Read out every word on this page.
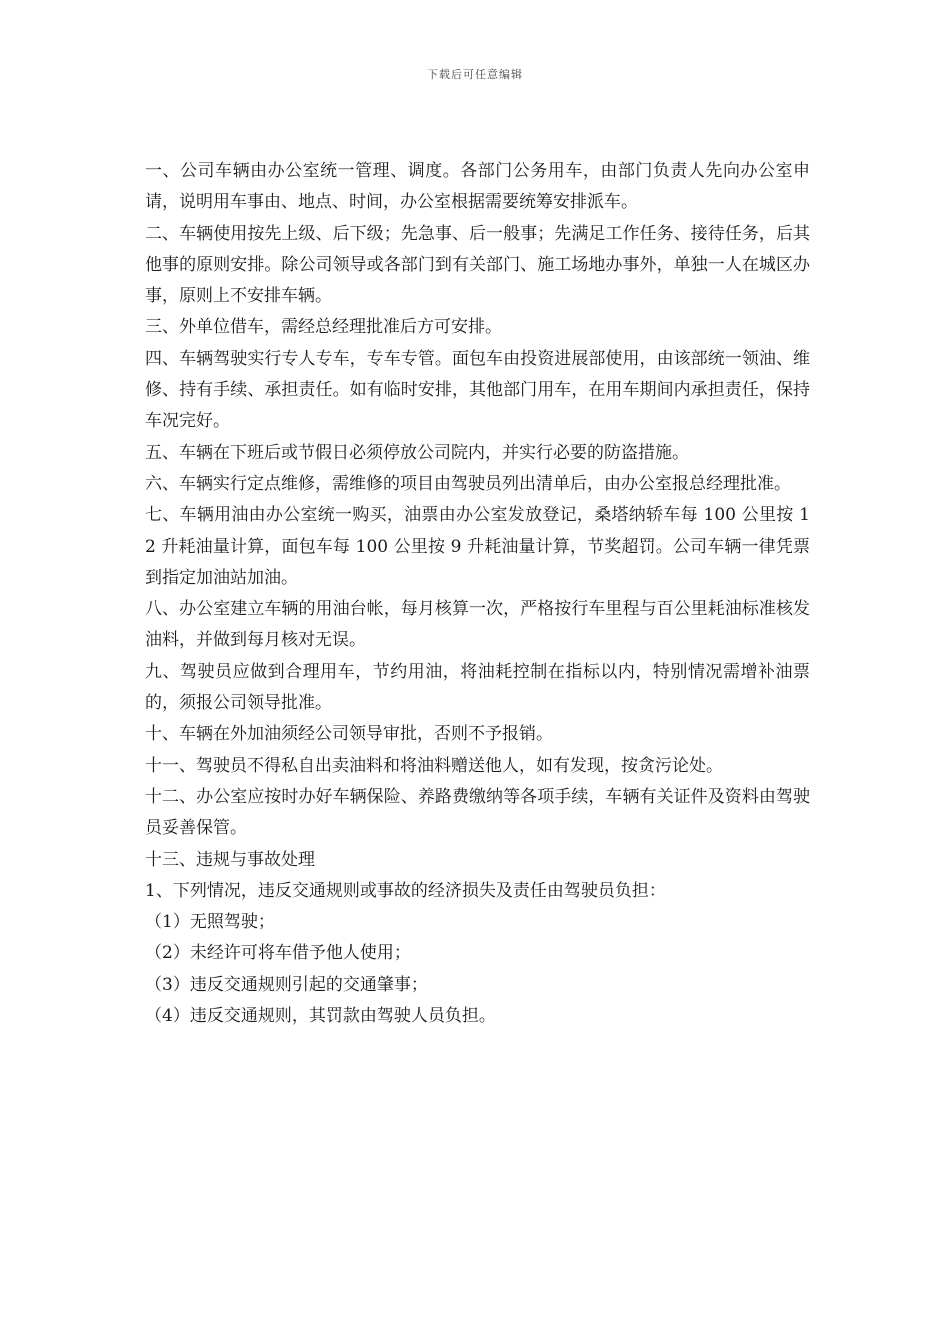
下载后可任意编辑

一、公司车辆由办公室统一管理、调度。各部门公务用车，由部门负责人先向办公室申请，说明用车事由、地点、时间，办公室根据需要统筹安排派车。

二、车辆使用按先上级、后下级；先急事、后一般事；先满足工作任务、接待任务，后其他事的原则安排。除公司领导或各部门到有关部门、施工场地办事外，单独一人在城区办事，原则上不安排车辆。

三、外单位借车，需经总经理批准后方可安排。

四、车辆驾驶实行专人专车，专车专管。面包车由投资进展部使用，由该部统一领油、维修、持有手续、承担责任。如有临时安排，其他部门用车，在用车期间内承担责任，保持车况完好。

五、车辆在下班后或节假日必须停放公司院内，并实行必要的防盗措施。

六、车辆实行定点维修，需维修的项目由驾驶员列出清单后，由办公室报总经理批准。

七、车辆用油由办公室统一购买，油票由办公室发放登记，桑塔纳轿车每 100 公里按 12 升耗油量计算，面包车每 100 公里按 9 升耗油量计算，节奖超罚。公司车辆一律凭票到指定加油站加油。

八、办公室建立车辆的用油台帐，每月核算一次，严格按行车里程与百公里耗油标准核发油料，并做到每月核对无误。

九、驾驶员应做到合理用车，节约用油，将油耗控制在指标以内，特别情况需增补油票的，须报公司领导批准。

十、车辆在外加油须经公司领导审批，否则不予报销。

十一、驾驶员不得私自出卖油料和将油料赠送他人，如有发现，按贪污论处。

十二、办公室应按时办好车辆保险、养路费缴纳等各项手续，车辆有关证件及资料由驾驶员妥善保管。

十三、违规与事故处理

1、下列情况，违反交通规则或事故的经济损失及责任由驾驶员负担：

（1）无照驾驶；

（2）未经许可将车借予他人使用；

（3）违反交通规则引起的交通肇事；

（4）违反交通规则，其罚款由驾驶人员负担。
